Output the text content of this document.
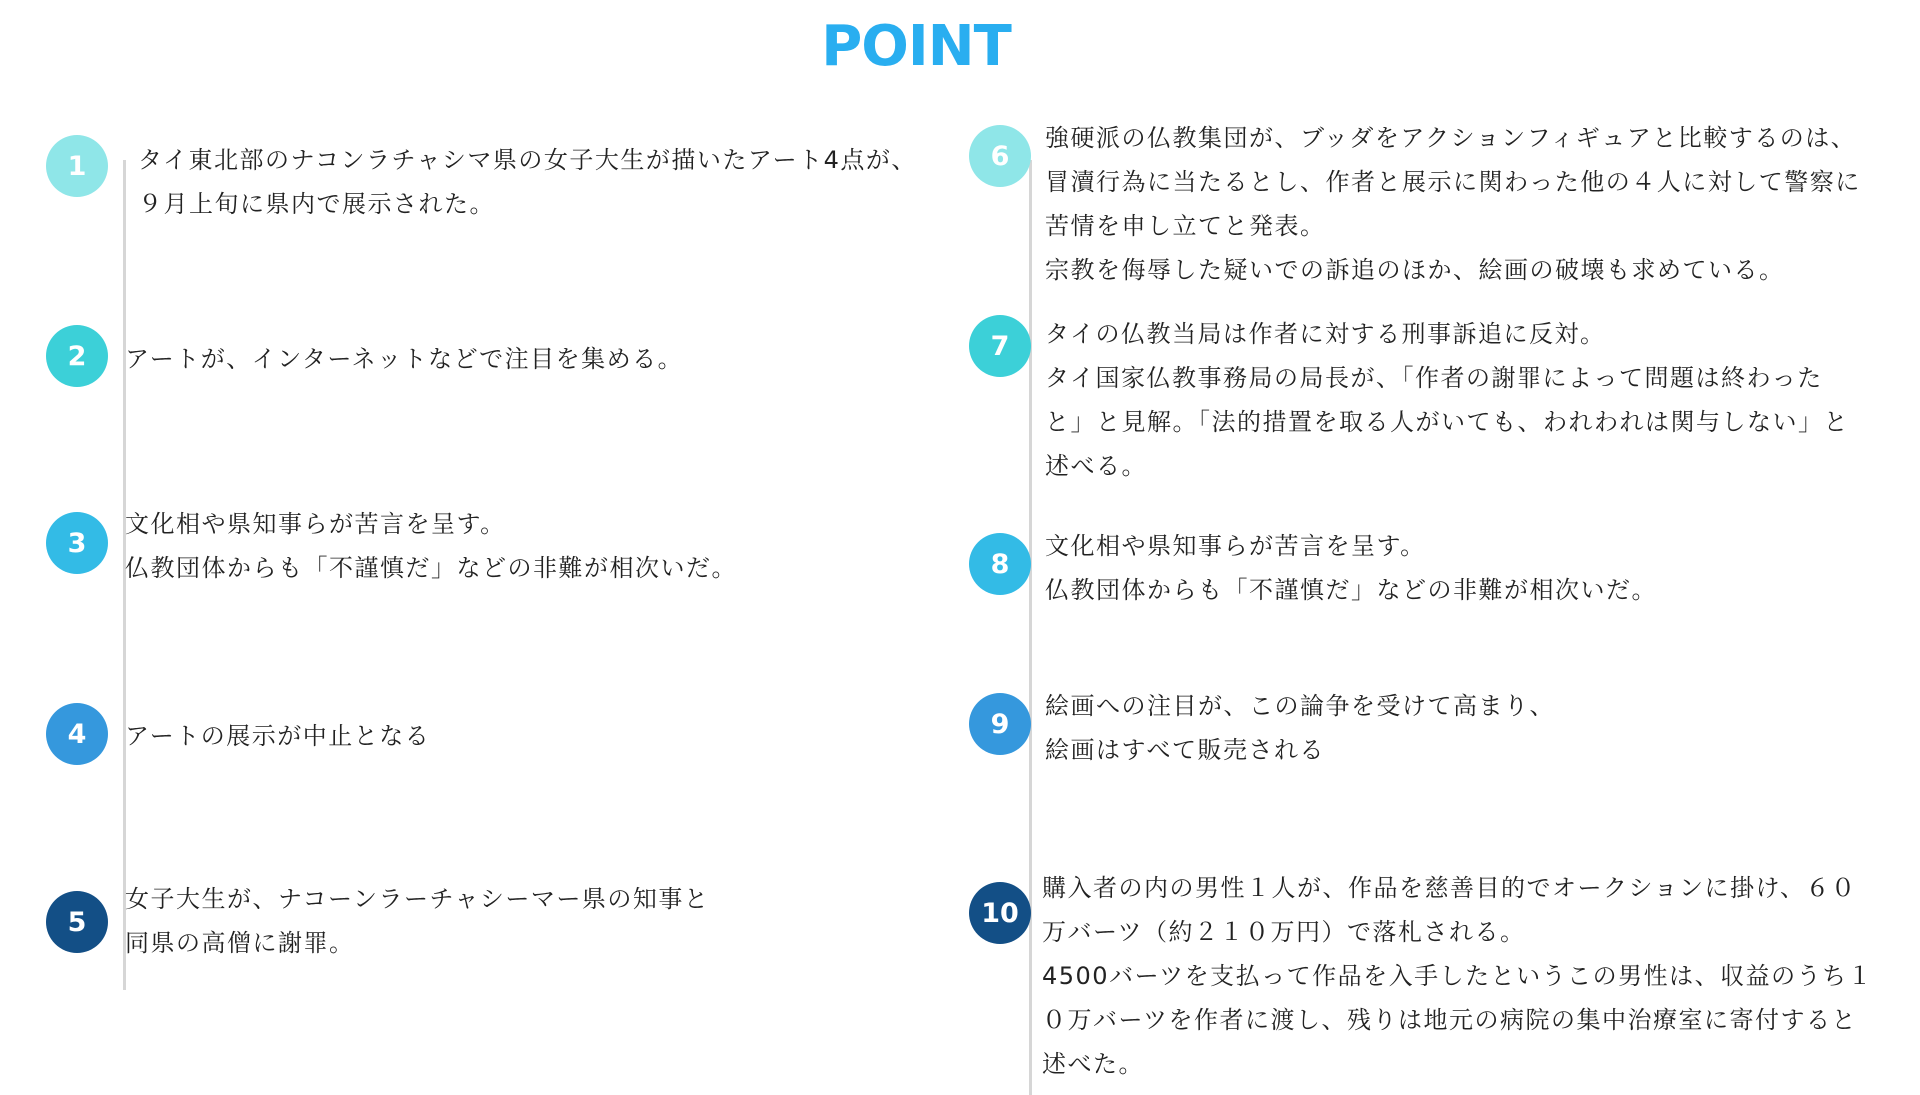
POINT
1	タイ東北部のナコンラチャシマ県の女子大生が描いたアート4点が、
９月上旬に県内で展示された。
2	アートが、インターネットなどで注目を集める。
3
文化相や県知事らが苦言を呈す。
仏教団体からも「不謹慎だ」などの非難が相次いだ。
4	アートの展示が中止となる
5
女子大生が、ナコーンラーチャシーマー県の知事と
同県の高僧に謝罪。
6
強硬派の仏教集団が、ブッダをアクションフィギュアと比較するのは、
冒瀆行為に当たるとし、作者と展示に関わった他の４人に対して警察に
苦情を申し立てと発表。
宗教を侮辱した疑いでの訴追のほか、絵画の破壊も求めている。
7	タイの仏教当局は作者に対する刑事訴追に反対。
タイ国家仏教事務局の局長が、「作者の謝罪によって問題は終わった
と」と見解。「法的措置を取る人がいても、われわれは関与しない」と
述べる。
8
文化相や県知事らが苦言を呈す。
仏教団体からも「不謹慎だ」などの非難が相次いだ。
9
絵画への注目が、この論争を受けて高まり、
絵画はすべて販売される
10
購入者の内の男性１人が、作品を慈善目的でオークションに掛け、６０
万バーツ（約２１０万円）で落札される。
4500バーツを支払って作品を入手したというこの男性は、収益のうち１
０万バーツを作者に渡し、残りは地元の病院の集中治療室に寄付すると
述べた。
